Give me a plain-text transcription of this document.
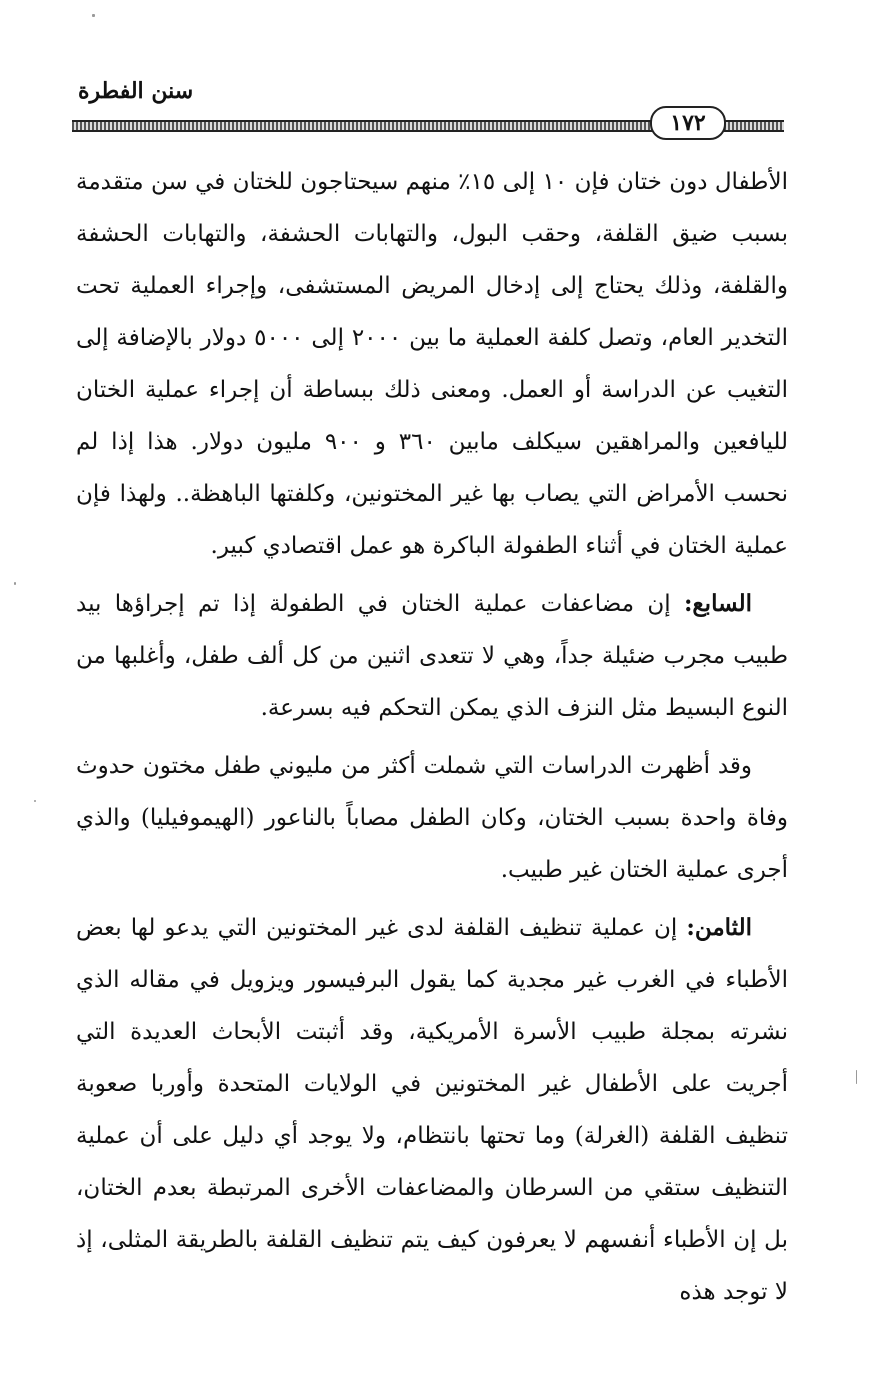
سنن الفطرة
١٧٢

الأطفال دون ختان فإن ١٠ إلى ١٥٪ منهم سيحتاجون للختان في سن متقدمة بسبب ضيق القلفة، وحقب البول، والتهابات الحشفة، والتهابات الحشفة والقلفة، وذلك يحتاج إلى إدخال المريض المستشفى، وإجراء العملية تحت التخدير العام، وتصل كلفة العملية ما بين ٢٠٠٠ إلى ٥٠٠٠ دولار بالإضافة إلى التغيب عن الدراسة أو العمل. ومعنى ذلك ببساطة أن إجراء عملية الختان لليافعين والمراهقين سيكلف مابين ٣٦٠ و ٩٠٠ مليون دولار. هذا إذا لم نحسب الأمراض التي يصاب بها غير المختونين، وكلفتها الباهظة.. ولهذا فإن عملية الختان في أثناء الطفولة الباكرة هو عمل اقتصادي كبير.

السابع: إن مضاعفات عملية الختان في الطفولة إذا تم إجراؤها بيد طبيب مجرب ضئيلة جداً، وهي لا تتعدى اثنين من كل ألف طفل، وأغلبها من النوع البسيط مثل النزف الذي يمكن التحكم فيه بسرعة.

وقد أظهرت الدراسات التي شملت أكثر من مليوني طفل مختون حدوث وفاة واحدة بسبب الختان، وكان الطفل مصاباً بالناعور (الهيموفيليا) والذي أجرى عملية الختان غير طبيب.

الثامن: إن عملية تنظيف القلفة لدى غير المختونين التي يدعو لها بعض الأطباء في الغرب غير مجدية كما يقول البرفيسور ويزويل في مقاله الذي نشرته بمجلة طبيب الأسرة الأمريكية، وقد أثبتت الأبحاث العديدة التي أجريت على الأطفال غير المختونين في الولايات المتحدة وأوربا صعوبة تنظيف القلفة (الغرلة) وما تحتها بانتظام، ولا يوجد أي دليل على أن عملية التنظيف ستقي من السرطان والمضاعفات الأخرى المرتبطة بعدم الختان، بل إن الأطباء أنفسهم لا يعرفون كيف يتم تنظيف القلفة بالطريقة المثلى، إذ لا توجد هذه
